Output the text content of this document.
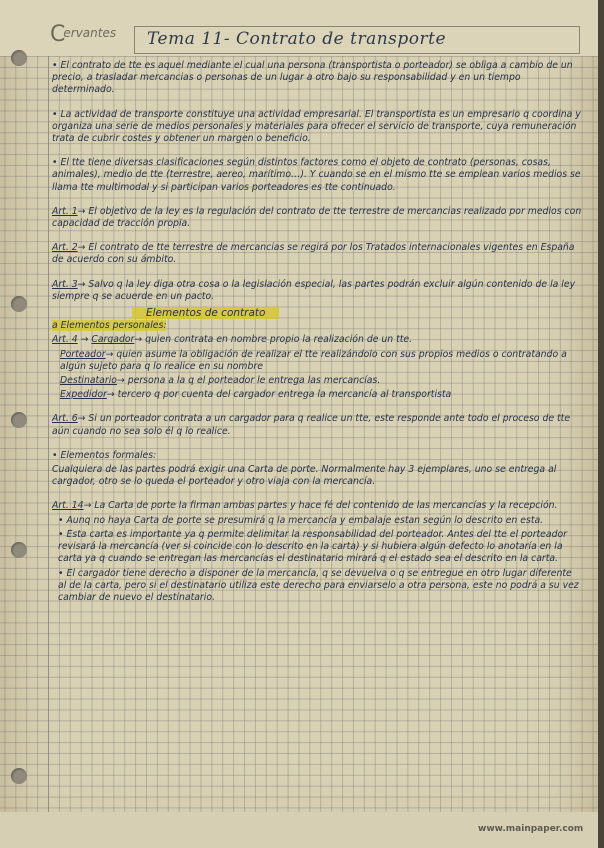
Cervantes Tema 11- Contrato de transporte

• El contrato de tte es aquel mediante el cual una persona (transportista o porteador) se obliga a cambio de un precio, a trasladar mercancias o personas de un lugar a otro bajo su responsabilidad y en un tiempo determinado.

• La actividad de transporte constituye una actividad empresarial. El transportista es un empresario q coordina y organiza una serie de medios personales y materiales para ofrecer el servicio de transporte, cuya remuneración trata de cubrir costes y obtener un margen o beneficio.

• El tte tiene diversas clasificaciones según distintos factores como el objeto de contrato (personas, cosas, animales), medio de tte (terrestre, aereo, marítimo…). Y cuando se en el mismo tte se emplean varios medios se llama tte multimodal y si participan varios porteadores es tte continuado.

Art. 1→ El objetivo de la ley es la regulación del contrato de tte terrestre de mercancias realizado por medios con capacidad de tracción propia.

Art. 2→ El contrato de tte terrestre de mercancias se regirá por los Tratados internacionales vigentes en España de acuerdo con su ámbito.

Art. 3→ Salvo q la ley diga otra cosa o la legislación especial, las partes podrán excluir algún contenido de la ley siempre q se acuerde en un pacto.

Elementos de contrato

a Elementos personales:

Art. 4 → Cargador→ quien contrata en nombre propio la realización de un tte.

Porteador→ quien asume la obligación de realizar el tte realizándolo con sus propios medios o contratando a algún sujeto para q lo realice en su nombre

Destinatario→ persona a la q el porteador le entrega las mercancías.

Expedidor→ tercero q por cuenta del cargador entrega la mercancía al transportista

Art. 6→ Si un porteador contrata a un cargador para q realice un tte, este responde ante todo el proceso de tte aún cuando no sea solo él q lo realice.

• Elementos formales:

Cualquiera de las partes podrá exigir una Carta de porte. Normalmente hay 3 ejemplares, uno se entrega al cargador, otro se lo queda el porteador y otro viaja con la mercancía.

Art. 14→ La Carta de porte la firman ambas partes y hace fé del contenido de las mercancías y la recepción.

• Aunq no haya Carta de porte se presumirá q la mercancía y embalaje estan según lo descrito en esta.

• Esta carta es importante ya q permite delimitar la responsabilidad del porteador. Antes del tte el porteador revisará la mercancía (ver si coincide con lo descrito en la carta) y si hubiera algún defecto lo anotaría en la carta ya q cuando se entregan las mercancías el destinatario mirará q el estado sea el descrito en la carta.

• El cargador tiene derecho a disponer de la mercancía, q se devuelva o q se entregue en otro lugar diferente al de la carta, pero si el destinatario utiliza este derecho para enviarselo a otra persona, este no podrá a su vez cambiar de nuevo el destinatario.

www.mainpaper.com
